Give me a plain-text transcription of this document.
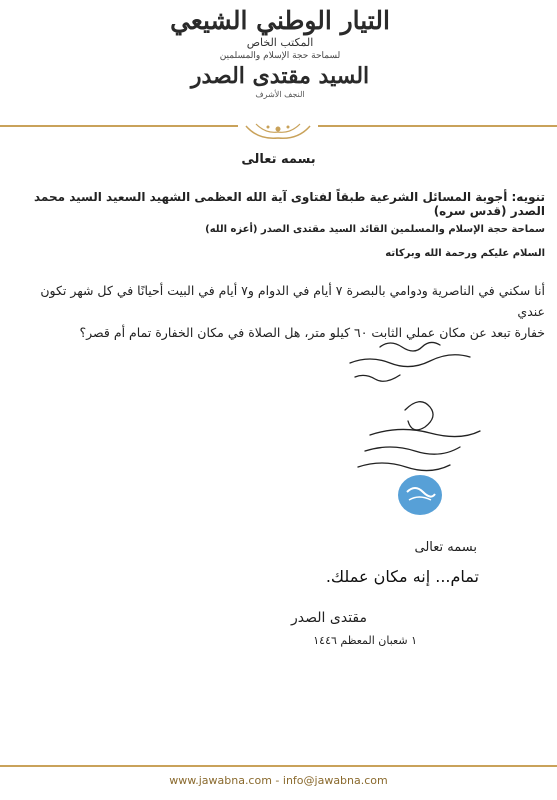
التيار الوطني الشيعي
المكتب الخاص
لسماحة حجة الإسلام والمسلمين
السيد مقتدى الصدر
النجف الأشرف
بسمه تعالى
تنويه: أجوبة المسائل الشرعية طبقاً لفتاوى آية الله العظمى الشهيد السعيد السيد محمد الصدر (قدس سره)
سماحة حجة الإسلام والمسلمين القائد السيد مقتدى الصدر (أعزه الله)
السلام عليكم ورحمة الله وبركاته
أنا سكني في الناصرية ودوامي بالبصرة ٧ أيام في الدوام و٧ أيام في البيت أحيانًا في كل شهر تكون عندي
خفارة تبعد عن مكان عملي الثابت ٦٠ كيلو متر، هل الصلاة في مكان الخفارة تمام أم قصر؟
بسمه تعالى
تمام... إنه مكان عملك.
مقتدى الصدر
١ شعبان المعظم ١٤٤٦
www.jawabna.com - info@jawabna.com
